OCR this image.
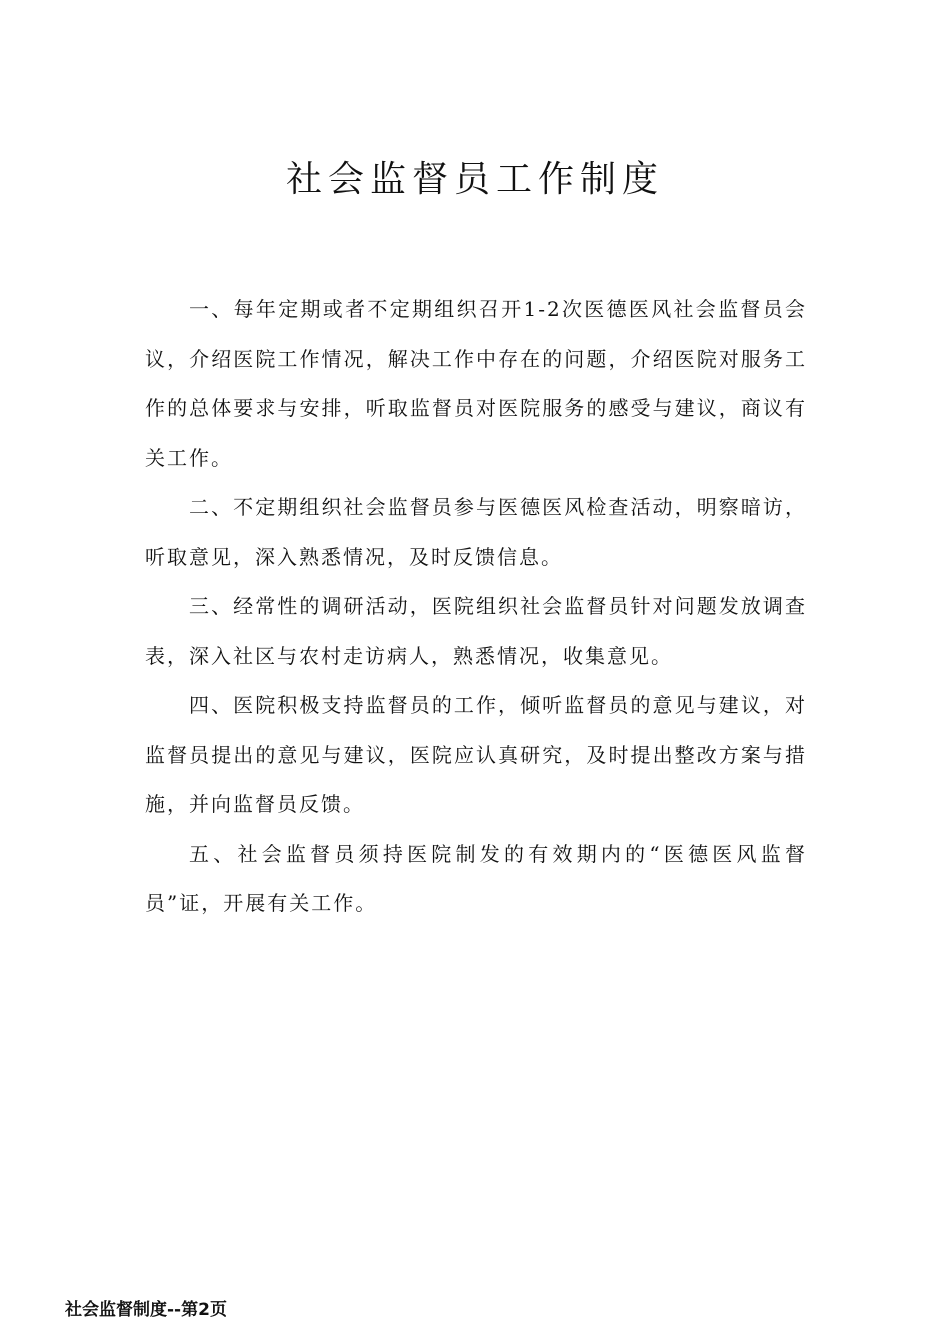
社会监督员工作制度

一、每年定期或者不定期组织召开1-2次医德医风社会监督员会议，介绍医院工作情况，解决工作中存在的问题，介绍医院对服务工作的总体要求与安排，听取监督员对医院服务的感受与建议，商议有关工作。

二、不定期组织社会监督员参与医德医风检查活动，明察暗访，听取意见，深入熟悉情况，及时反馈信息。

三、经常性的调研活动，医院组织社会监督员针对问题发放调查表，深入社区与农村走访病人，熟悉情况，收集意见。

四、医院积极支持监督员的工作，倾听监督员的意见与建议，对监督员提出的意见与建议，医院应认真研究，及时提出整改方案与措施，并向监督员反馈。

五、社会监督员须持医院制发的有效期内的“医德医风监督员”证，开展有关工作。

社会监督制度--第2页
